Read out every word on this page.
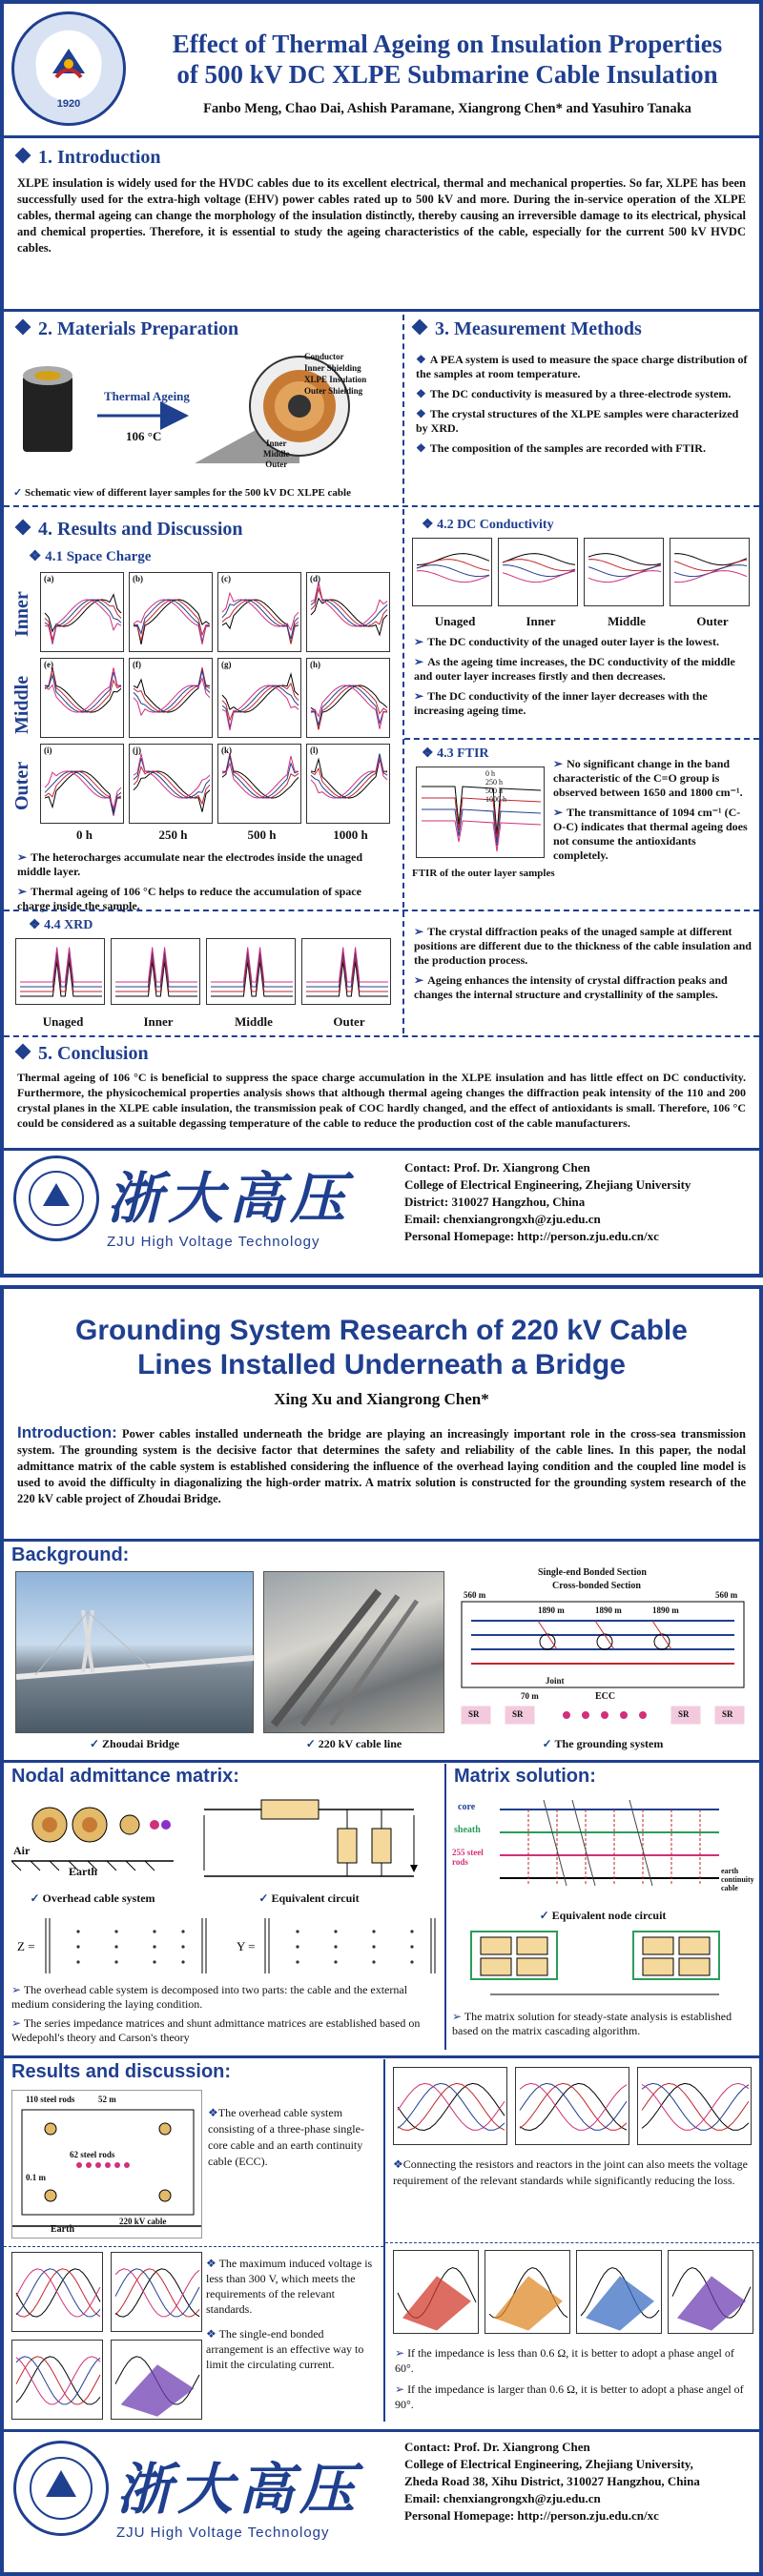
1920
Effect of Thermal Ageing on Insulation Properties
of 500 kV DC XLPE Submarine Cable Insulation
Fanbo Meng, Chao Dai, Ashish Paramane, Xiangrong Chen* and Yasuhiro Tanaka
1. Introduction
XLPE insulation is widely used for the HVDC cables due to its excellent electrical, thermal and mechanical properties. So far, XLPE has been successfully used for the extra-high voltage (EHV) power cables rated up to 500 kV and more. During the in-service operation of the XLPE cables, thermal ageing can change the morphology of the insulation distinctly, thereby causing an irreversible damage to its electrical, physical and chemical properties. Therefore, it is essential to study the ageing characteristics of the cable, especially for the current 500 kV HVDC cables.
2. Materials Preparation
Thermal Ageing
106 °C
Conductor
Inner Shielding
XLPE Insulation
Outer Shielding
Inner
Middle
Outer
✓ Schematic view of different layer samples for the 500 kV DC XLPE cable
3. Measurement Methods
❖ A PEA system is used to measure the space charge distribution of the samples at room temperature.
❖ The DC conductivity is measured by a three-electrode system.
❖ The crystal structures of the XLPE samples were characterized by XRD.
❖ The composition of the samples are recorded with FTIR.
4. Results and Discussion
❖ 4.1 Space Charge
Inner
Middle
Outer
(a)	(b)	(c)	(d)
(e)	(f)	(g)	(h)
(i)	(j)	(k)	(l)
0 h	250 h	500 h	1000 h
➢ The heterocharges accumulate near the electrodes inside the unaged middle layer.
➢ Thermal ageing of 106 °C helps to reduce the accumulation of space charge inside the sample.
❖ 4.2 DC Conductivity
Unaged	Inner	Middle	Outer
➢ The DC conductivity of the unaged outer layer is the lowest.
➢ As the ageing time increases, the DC conductivity of the middle and outer layer increases firstly and then decreases.
➢ The DC conductivity of the inner layer decreases with the increasing ageing time.
❖ 4.3 FTIR
0 h
250 h
500 h
1000 h
FTIR of the outer layer samples
➢ No significant change in the band characteristic of the C=O group is observed between 1650 and 1800 cm⁻¹.
➢ The transmittance of 1094 cm⁻¹ (C-O-C) indicates that thermal ageing does not consume the antioxidants completely.
❖ 4.4 XRD
Unaged	Inner	Middle	Outer
➢ The crystal diffraction peaks of the unaged sample at different positions are different due to the thickness of the cable insulation and the production process.
➢ Ageing enhances the intensity of crystal diffraction peaks and changes the internal structure and crystallinity of the samples.
5. Conclusion
Thermal ageing of 106 °C is beneficial to suppress the space charge accumulation in the XLPE insulation and has little effect on DC conductivity. Furthermore, the physicochemical properties analysis shows that although thermal ageing changes the diffraction peak intensity of the 110 and 200 crystal planes in the XLPE cable insulation, the transmission peak of COC hardly changed, and the effect of antioxidants is small. Therefore, 106 °C could be considered as a suitable degassing temperature of the cable to reduce the production cost of the cable manufacturers.
浙大高压
ZJU High Voltage Technology
Contact: Prof. Dr. Xiangrong Chen
College of Electrical Engineering, Zhejiang University
District: 310027 Hangzhou, China
Email: chenxiangrongxh@zju.edu.cn
Personal Homepage: http://person.zju.edu.cn/xc
Grounding System Research of 220 kV Cable
Lines Installed Underneath a Bridge
Xing Xu and Xiangrong Chen*
Introduction: Power cables installed underneath the bridge are playing an increasingly important role in the cross-sea transmission system. The grounding system is the decisive factor that determines the safety and reliability of the cable lines. In this paper, the nodal admittance matrix of the cable system is established considering the influence of the overhead laying condition and the coupled line model is used to avoid the difficulty in diagonalizing the high-order matrix. A matrix solution is constructed for the grounding system research of the 220 kV cable project of Zhoudai Bridge.
Background:
✓ Zhoudai Bridge	✓ 220 kV cable line
Single-end Bonded Section
Cross-bonded Section
560 m
1890 m	1890 m	1890 m
560 m
70 m
Joint
ECC
SR	SR	SR	SR
✓ The grounding system
Nodal admittance matrix:
Air
Earth
✓ Overhead cable system	✓ Equivalent circuit
Z =	Y =
➢ The overhead cable system is decomposed into two parts: the cable and the external medium considering the laying condition.
➢ The series impedance matrices and shunt admittance matrices are established based on Wedepohl's theory and Carson's theory
Matrix solution:
core
sheath
255 steel rods
earth continuity cable
✓ Equivalent node circuit
➢ The matrix solution for steady-state analysis is established based on the matrix cascading algorithm.
Results and discussion:
110 steel rods	52 m
62 steel rods
0.1 m
Earth
220 kV cable
❖The overhead cable system consisting of a three-phase single-core cable and an earth continuity cable (ECC).	❖Connecting the resistors and reactors in the joint can also meets the voltage requirement of the relevant standards while significantly reducing the loss.
❖ The maximum induced voltage is less than 300 V, which meets the requirements of the relevant standards.
❖ The single-end bonded arrangement is an effective way to limit the circulating current.
➢ If the impedance is less than 0.6 Ω, it is better to adopt a phase angel of 60°.
➢ If the impedance is larger than 0.6 Ω, it is better to adopt a phase angel of 90°.
浙大高压
ZJU High Voltage Technology
Contact: Prof. Dr. Xiangrong Chen
College of Electrical Engineering, Zhejiang University,
Zheda Road 38, Xihu District, 310027 Hangzhou, China
Email: chenxiangrongxh@zju.edu.cn
Personal Homepage: http://person.zju.edu.cn/xc
